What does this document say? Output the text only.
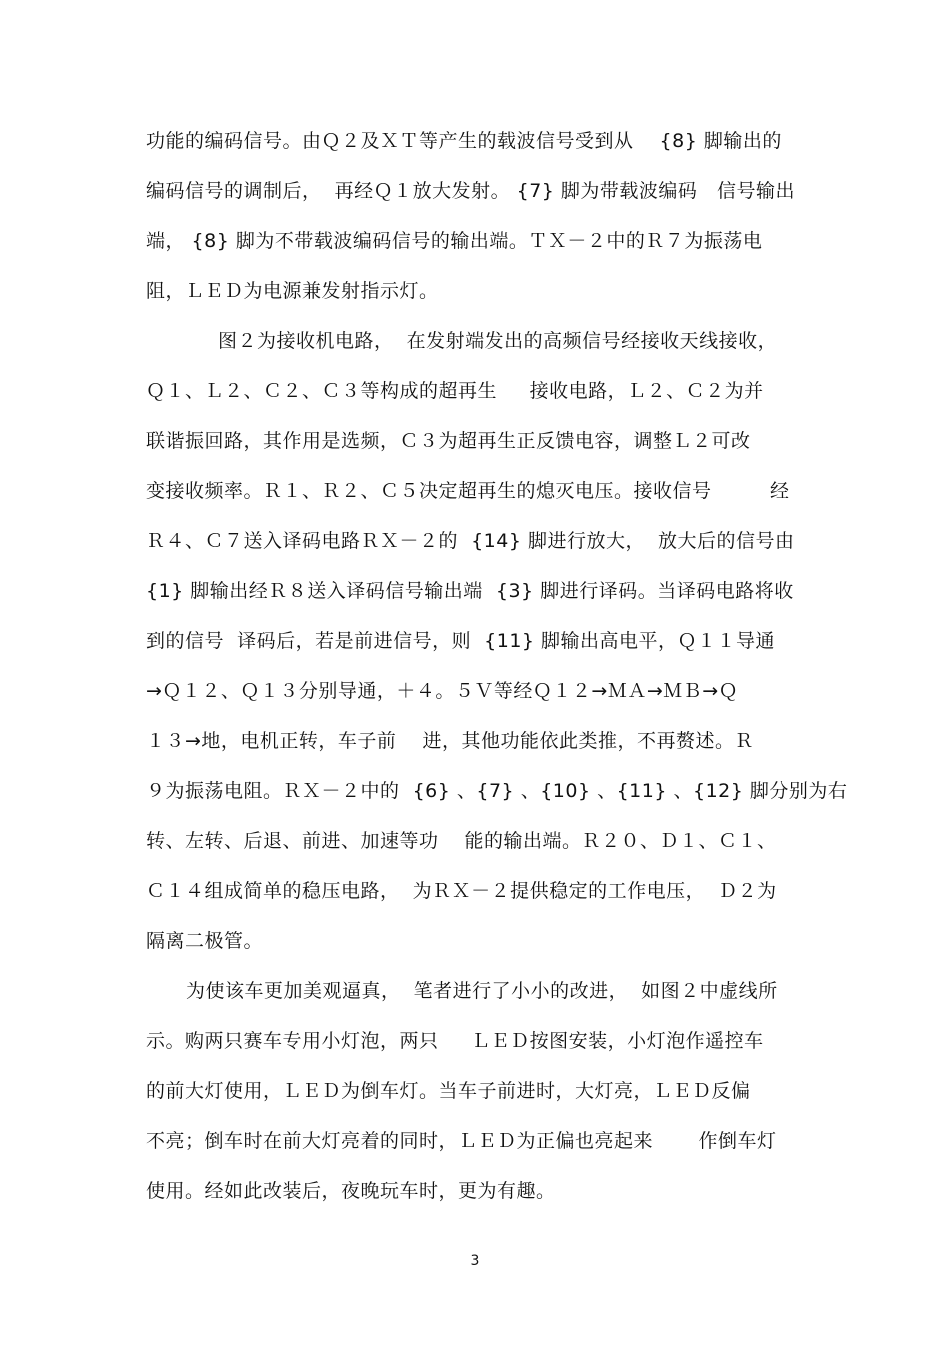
功能的编码信号。由Ｑ２及ＸＴ等产生的载波信号受到从　 {8} 脚输出的
编码信号的调制后，  再经Ｑ１放大发射。 {7} 脚为带载波编码   信号输出
端， {8} 脚为不带载波编码信号的输出端。ＴＸ－２中的Ｒ７为振荡电
阻，ＬＥＤ为电源兼发射指示灯。
图２为接收机电路，  在发射端发出的高频信号经接收天线接收，
Ｑ１、Ｌ２、Ｃ２、Ｃ３等构成的超再生　  接收电路，Ｌ２、Ｃ２为并
联谐振回路，其作用是选频，Ｃ３为超再生正反馈电容，调整Ｌ２可改
变接收频率。Ｒ１、Ｒ２、Ｃ５决定超再生的熄灭电压。接收信号　　　经
Ｒ４、Ｃ７送入译码电路ＲＸ－２的  {14} 脚进行放大，  放大后的信号由
{1} 脚输出经Ｒ８送入译码信号输出端  {3} 脚进行译码。当译码电路将收
到的信号  译码后，若是前进信号，则  {11} 脚输出高电平，Ｑ１１导通
→Ｑ１２、Ｑ１３分别导通，＋４。５Ｖ等经Ｑ１２→ＭＡ→ＭＢ→Ｑ
１３→地，电机正转，车子前　 进，其他功能依此类推，不再赘述。Ｒ
９为振荡电阻。ＲＸ－２中的  {6} 、{7} 、{10} 、{11} 、{12} 脚分别为右
转、左转、后退、前进、加速等功　 能的输出端。Ｒ２０、Ｄ１、Ｃ１、
Ｃ１４组成简单的稳压电路，  为ＲＸ－２提供稳定的工作电压，  Ｄ２为
隔离二极管。
为使该车更加美观逼真，  笔者进行了小小的改进，  如图２中虚线所
示。购两只赛车专用小灯泡，两只　  ＬＥＤ按图安装，小灯泡作遥控车
的前大灯使用，ＬＥＤ为倒车灯。当车子前进时，大灯亮，ＬＥＤ反偏
不亮；倒车时在前大灯亮着的同时，ＬＥＤ为正偏也亮起来　　 作倒车灯
使用。经如此改装后，夜晚玩车时，更为有趣。
3
